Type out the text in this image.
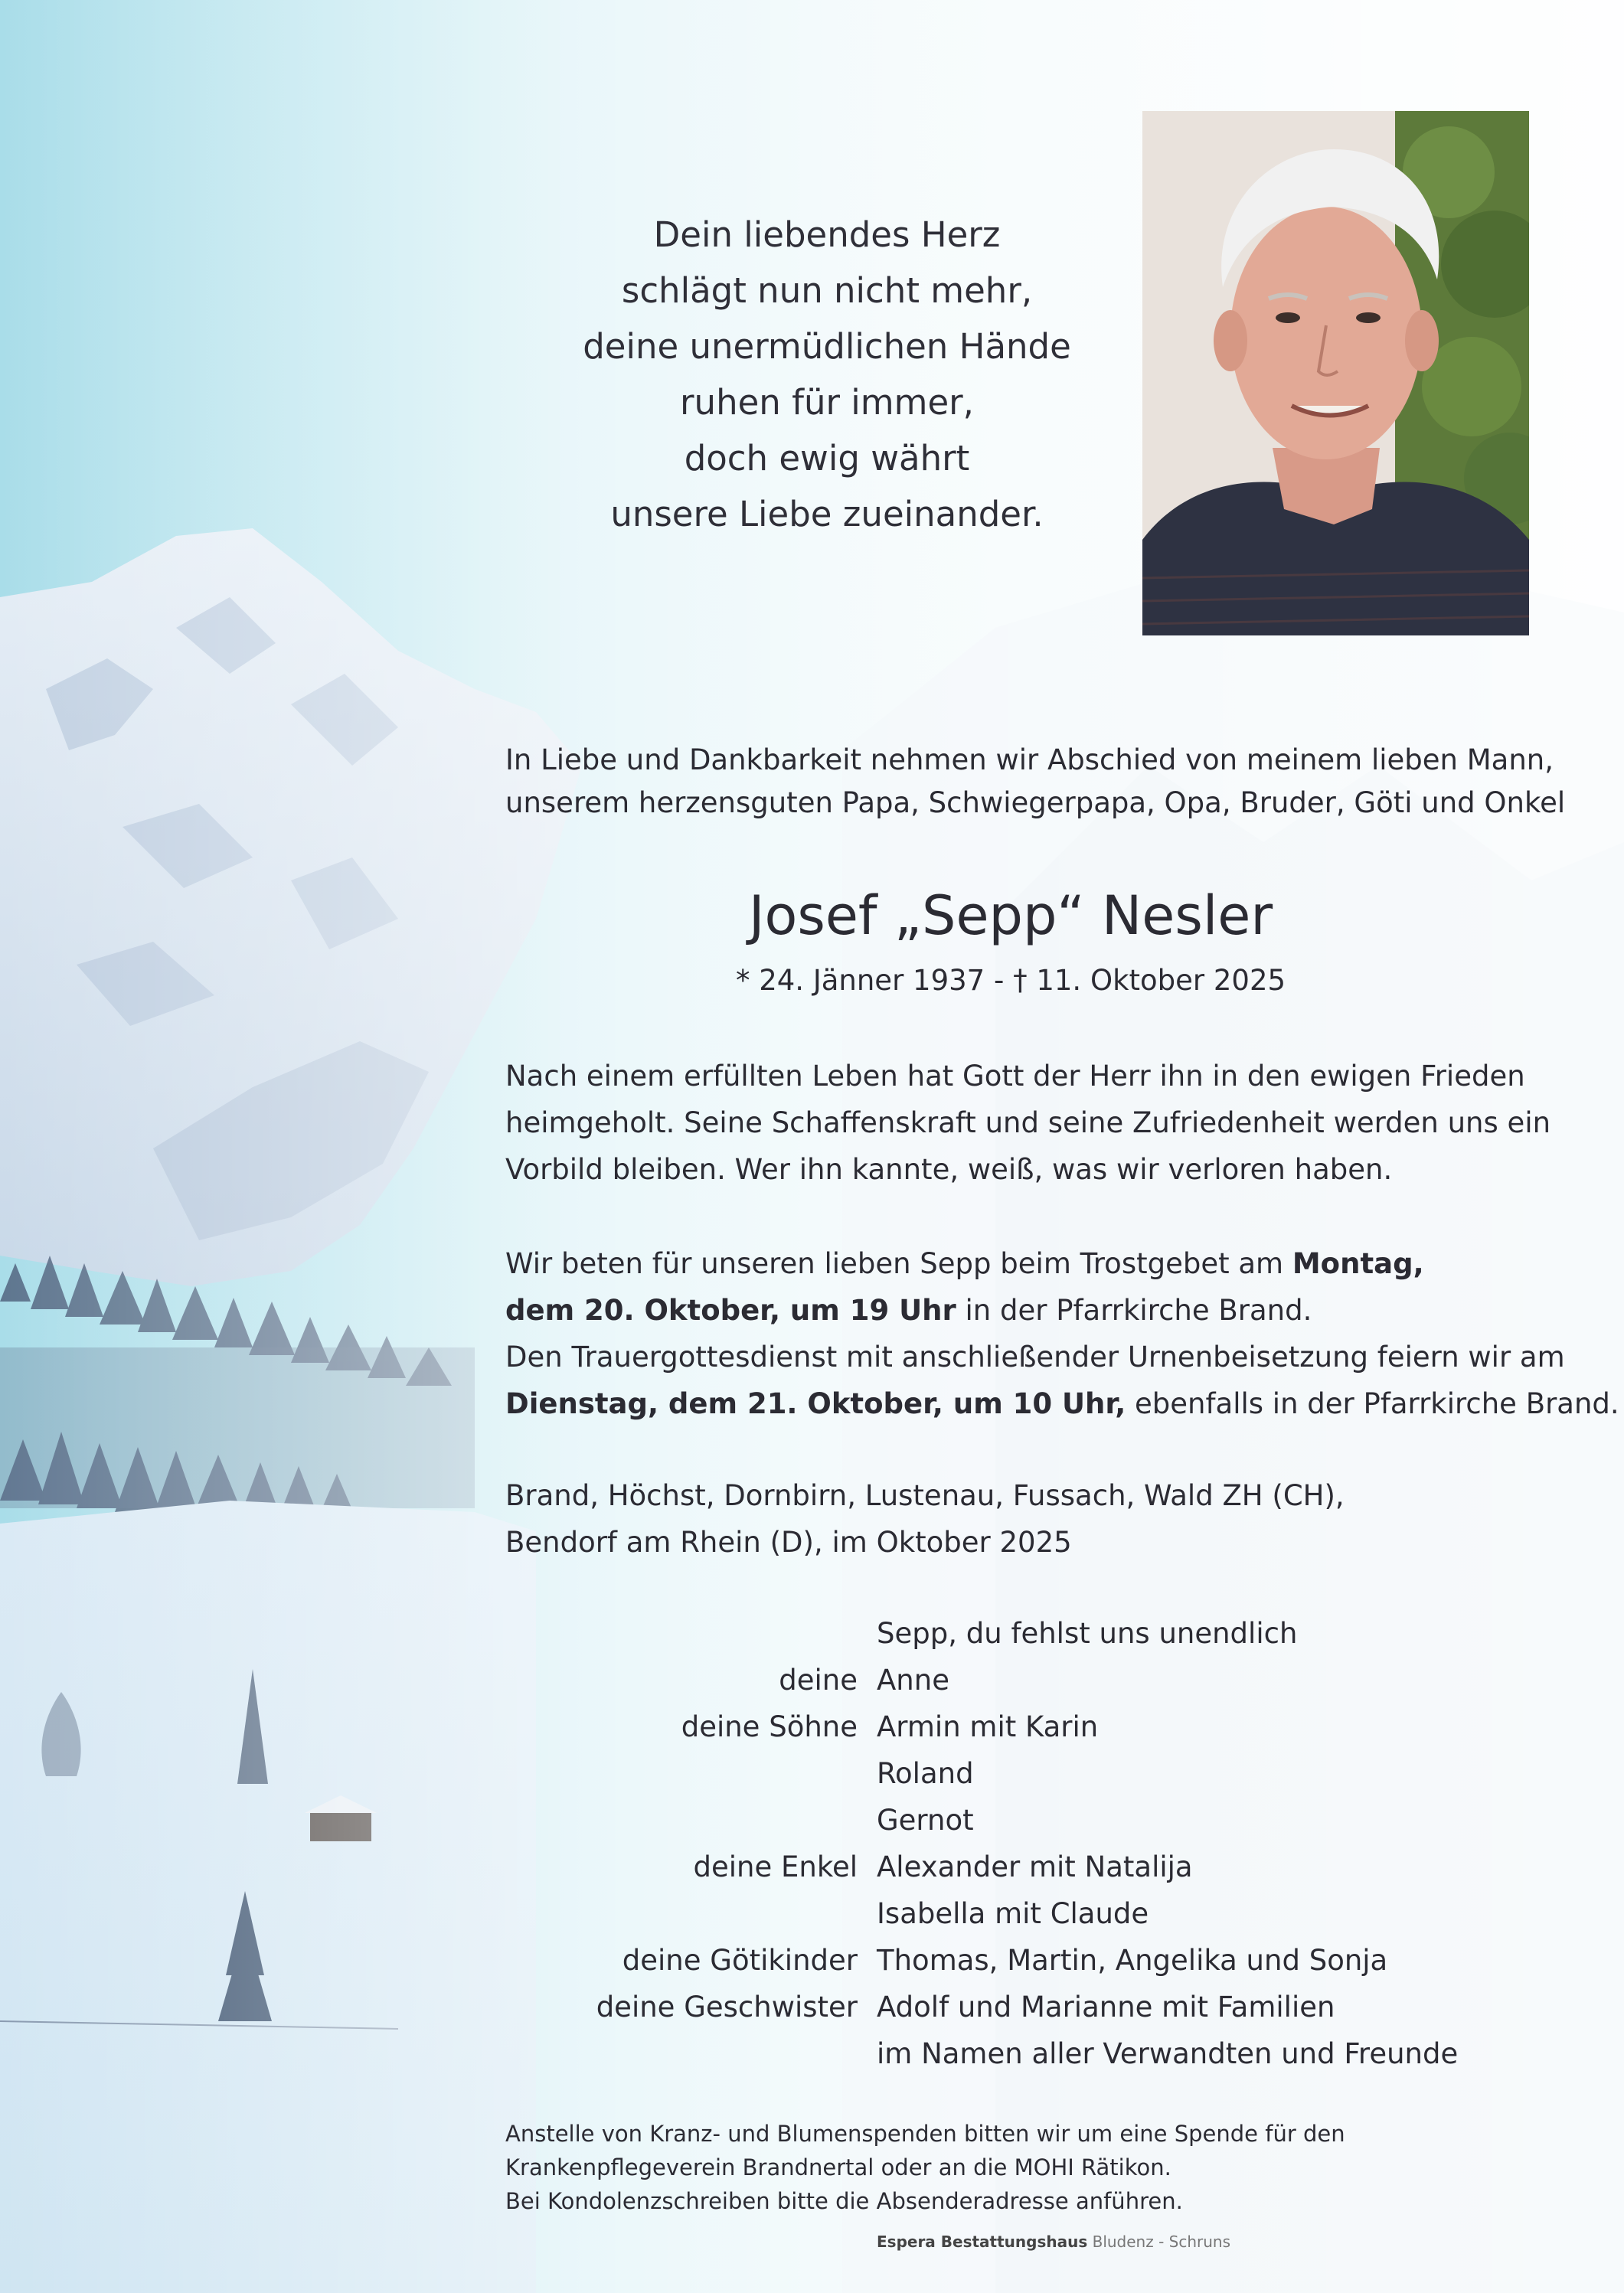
Dein liebendes Herz
schlägt nun nicht mehr,
deine unermüdlichen Hände
ruhen für immer,
doch ewig währt
unsere Liebe zueinander.
In Liebe und Dankbarkeit nehmen wir Abschied von meinem lieben Mann,
unserem herzensguten Papa, Schwiegerpapa, Opa, Bruder, Göti und Onkel
Josef „Sepp“ Nesler
* 24. Jänner 1937 - † 11. Oktober 2025
Nach einem erfüllten Leben hat Gott der Herr ihn in den ewigen Frieden
heimgeholt. Seine Schaffenskraft und seine Zufriedenheit werden uns ein
Vorbild bleiben. Wer ihn kannte, weiß, was wir verloren haben.
Wir beten für unseren lieben Sepp beim Trostgebet am Montag,
dem 20. Oktober, um 19 Uhr in der Pfarrkirche Brand.
Den Trauergottesdienst mit anschließender Urnenbeisetzung feiern wir am
Dienstag, dem 21. Oktober, um 10 Uhr, ebenfalls in der Pfarrkirche Brand.
Brand, Höchst, Dornbirn, Lustenau, Fussach, Wald ZH (CH),
Bendorf am Rhein (D), im Oktober 2025
Sepp, du fehlst uns unendlich
deine Anne
deine Söhne Armin mit Karin
Roland
Gernot
deine Enkel Alexander mit Natalija
Isabella mit Claude
deine Götikinder Thomas, Martin, Angelika und Sonja
deine Geschwister Adolf und Marianne mit Familien
im Namen aller Verwandten und Freunde
Anstelle von Kranz- und Blumenspenden bitten wir um eine Spende für den
Krankenpflegeverein Brandnertal oder an die MOHI Rätikon.
Bei Kondolenzschreiben bitte die Absenderadresse anführen.
Espera Bestattungshaus Bludenz - Schruns
